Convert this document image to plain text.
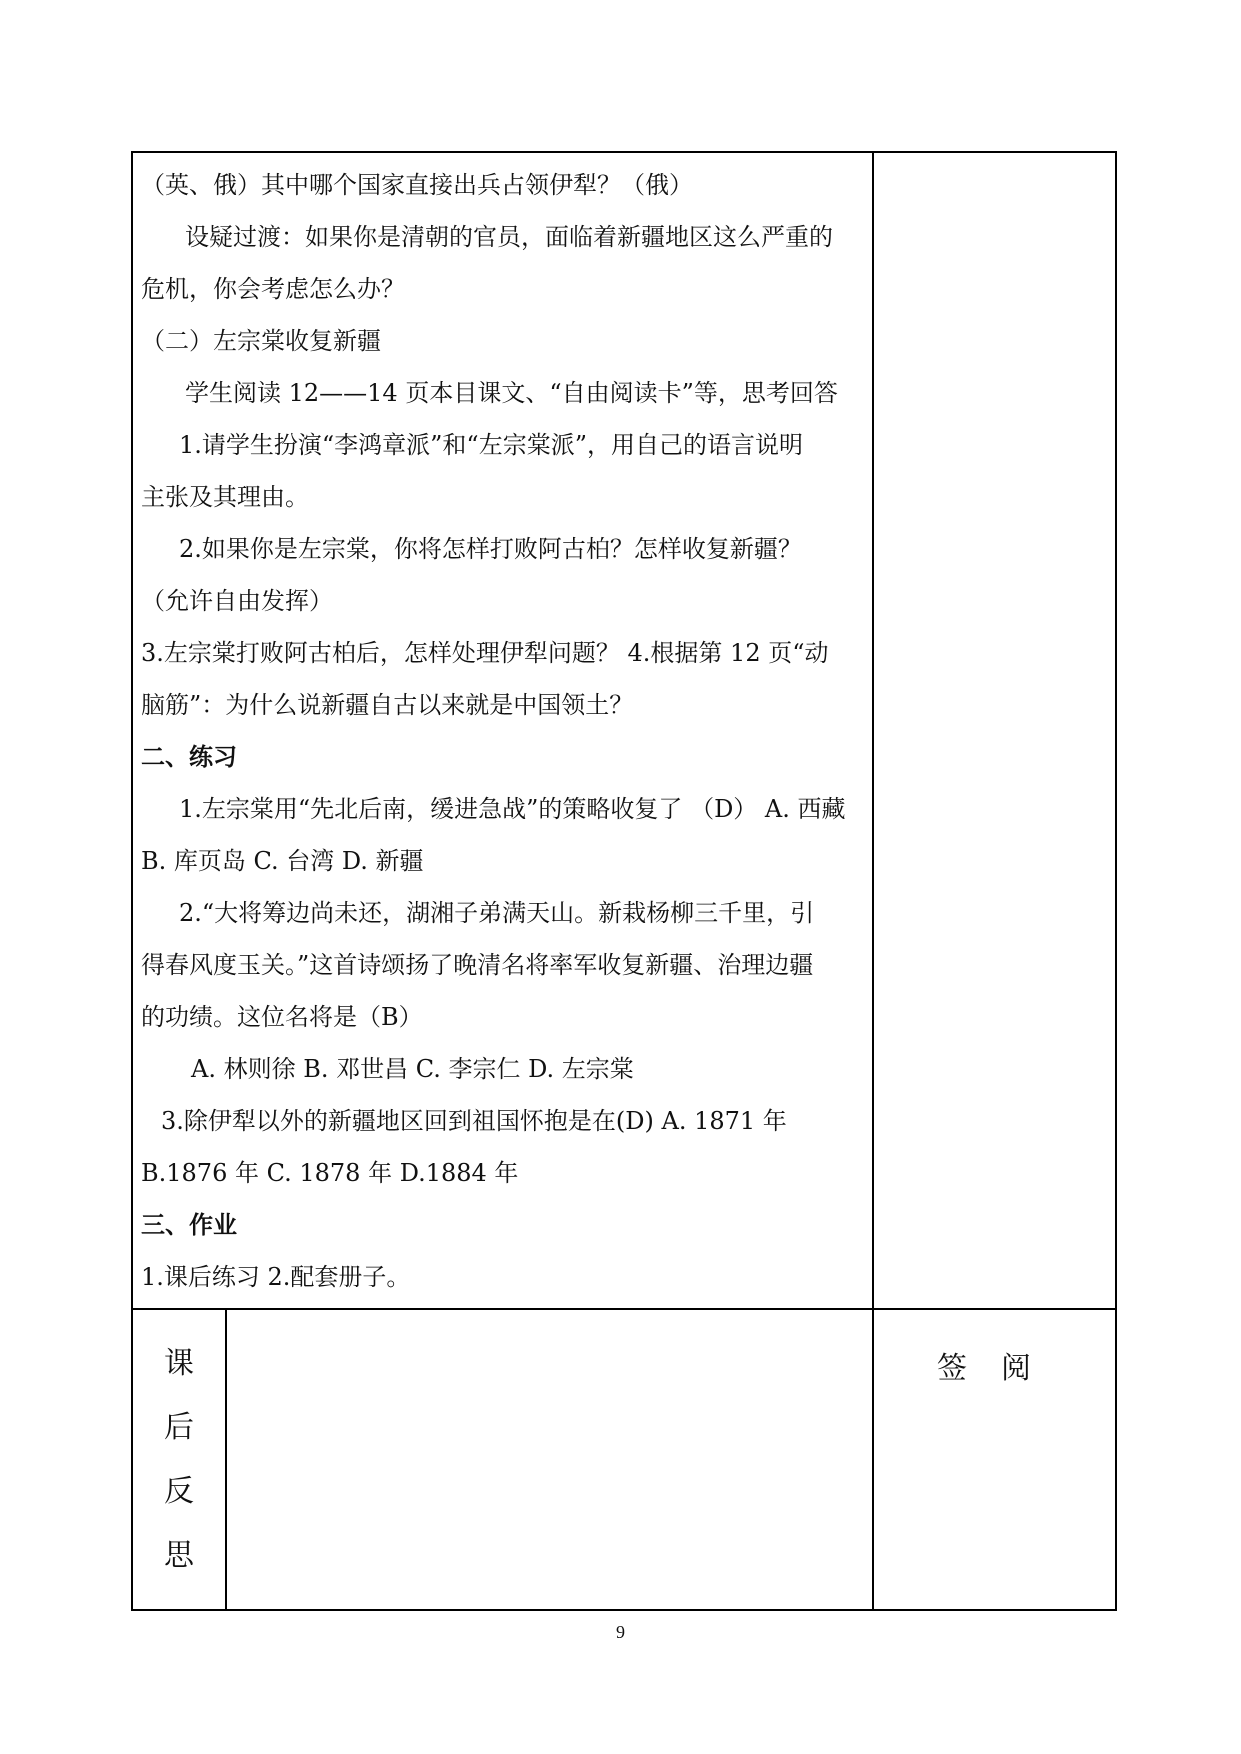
（英、俄）其中哪个国家直接出兵占领伊犁？（俄）
设疑过渡：如果你是清朝的官员，面临着新疆地区这么严重的
危机，你会考虑怎么办？
（二）左宗棠收复新疆
学生阅读 12——14 页本目课文、“自由阅读卡”等，思考回答
1.请学生扮演“李鸿章派”和“左宗棠派”，用自己的语言说明
主张及其理由。
2.如果你是左宗棠，你将怎样打败阿古柏？怎样收复新疆？
（允许自由发挥）
3.左宗棠打败阿古柏后，怎样处理伊犁问题？ 4.根据第 12 页“动
脑筋”：为什么说新疆自古以来就是中国领土？
二、练习
1.左宗棠用“先北后南，缓进急战”的策略收复了 （D） A. 西藏
B. 库页岛 C. 台湾 D. 新疆
2.“大将筹边尚未还，湖湘子弟满天山。新栽杨柳三千里，引
得春风度玉关。”这首诗颂扬了晚清名将率军收复新疆、治理边疆
的功绩。这位名将是（B）
A. 林则徐 B. 邓世昌 C. 李宗仁 D. 左宗棠
3.除伊犁以外的新疆地区回到祖国怀抱是在(D) A. 1871 年
B.1876 年 C. 1878 年 D.1884 年
三、作业
1.课后练习 2.配套册子。
课
后
反
思
签阅
9
